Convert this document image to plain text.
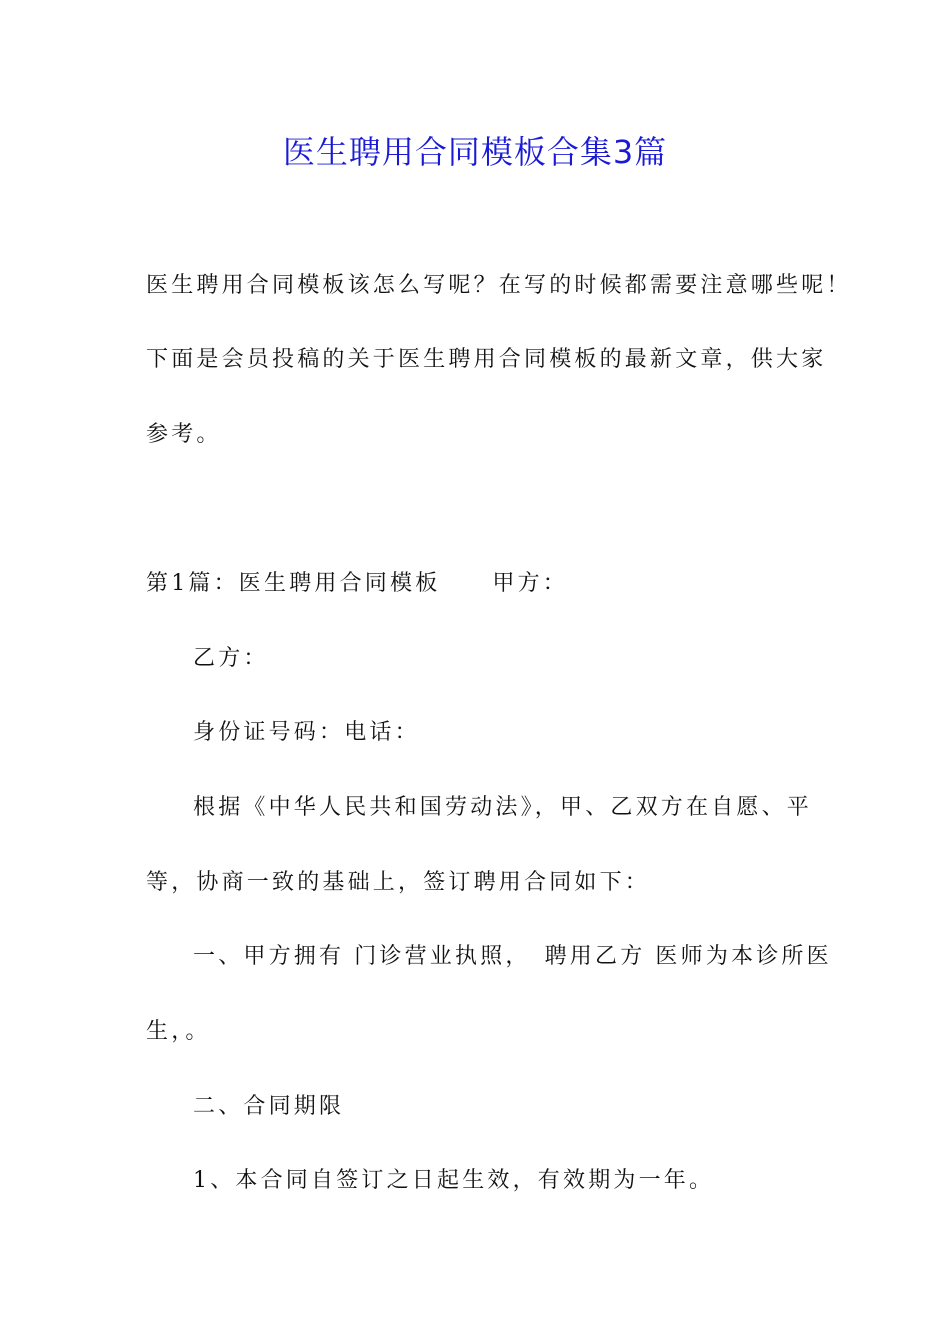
医生聘用合同模板合集3篇
医生聘用合同模板该怎么写呢？在写的时候都需要注意哪些呢！
下面是会员投稿的关于医生聘用合同模板的最新文章，供大家
参考。
第1篇：医生聘用合同模板 甲方：
乙方：
身份证号码：电话：
根据《中华人民共和国劳动法》，甲、乙双方在自愿、平
等，协商一致的基础上，签订聘用合同如下：
一、甲方拥有 门诊营业执照， 聘用乙方 医师为本诊所医
生，。
二、合同期限
1、本合同自签订之日起生效，有效期为一年。
